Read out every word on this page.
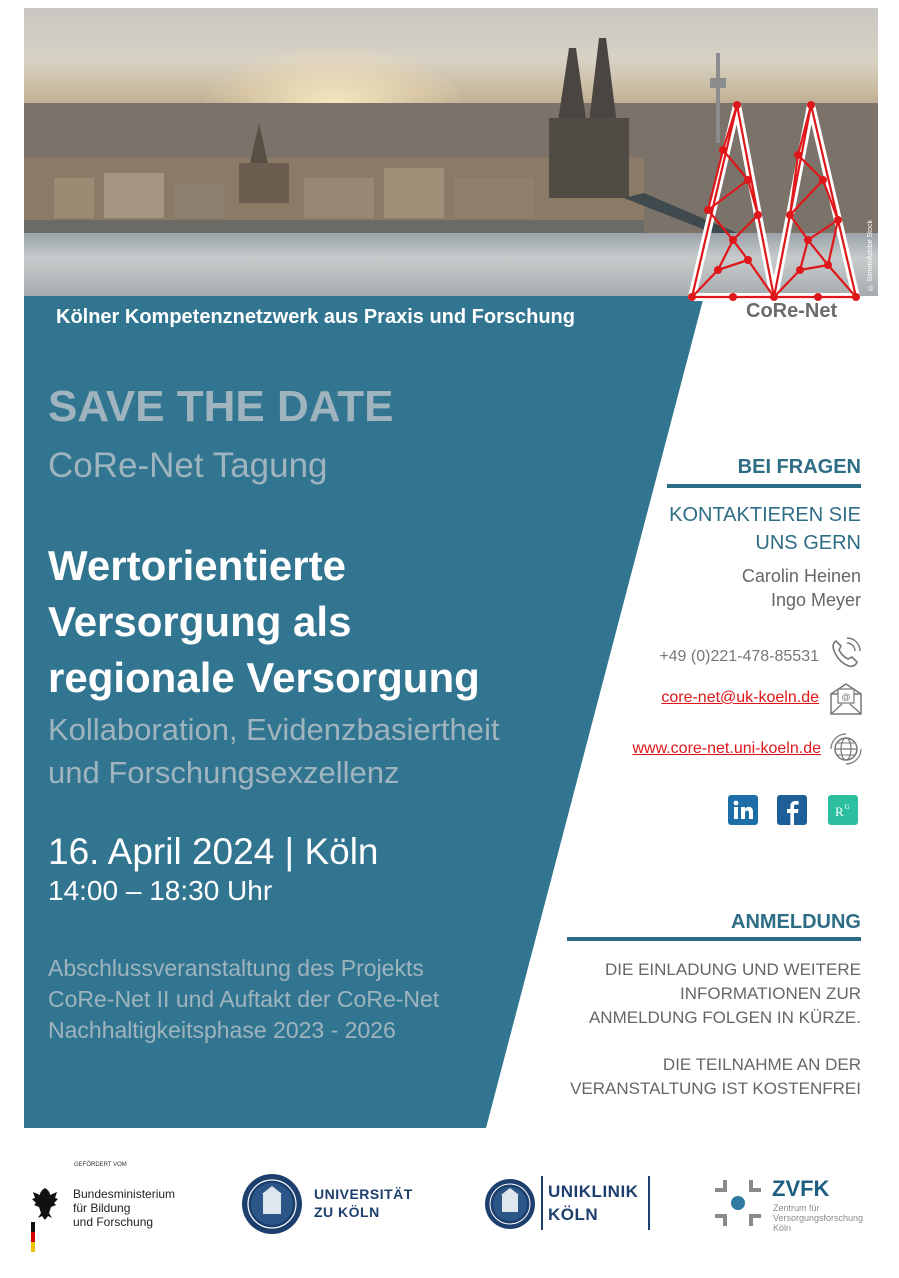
© Simon/Adobe Stock
CoRe-Net
Kölner Kompetenznetzwerk aus Praxis und Forschung
SAVE THE DATE
CoRe-Net Tagung
Wertorientierte
Versorgung als
regionale Versorgung
Kollaboration, Evidenzbasiertheit
und Forschungsexzellenz
16. April 2024 | Köln
14:00 – 18:30 Uhr
Abschlussveranstaltung des Projekts
CoRe-Net II und Auftakt der CoRe-Net
Nachhaltigkeitsphase 2023 - 2026
BEI FRAGEN
KONTAKTIEREN SIE
UNS GERN
Carolin Heinen
Ingo Meyer
+49 (0)221-478-85531
core-net@uk-koeln.de @
www.core-net.uni-koeln.de
R G
ANMELDUNG
DIE EINLADUNG UND WEITERE
INFORMATIONEN ZUR
ANMELDUNG FOLGEN IN KÜRZE.
DIE TEILNAHME AN DER
VERANSTALTUNG IST KOSTENFREI
GEFÖRDERT VOM
Bundesministerium
für Bildung
und Forschung
UNIVERSITÄT
ZU KÖLN
UNIKLINIK
KÖLN
ZVFK
Zentrum für
Versorgungsforschung
Köln
